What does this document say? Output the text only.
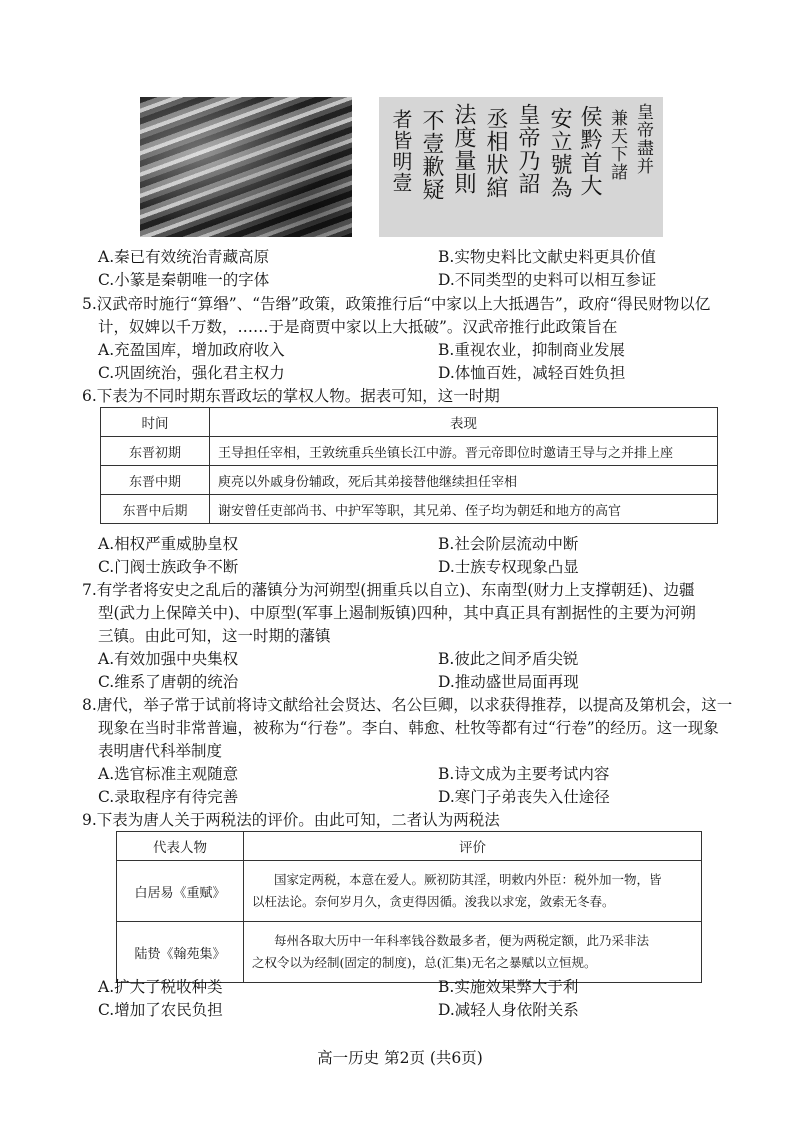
皇帝盡并
兼天下諸
侯黔首大
安立號為
皇帝乃詔
丞相狀綰
法度量則
不壹歉疑
者皆明壹
A.秦已有效统治青藏高原	B.实物史料比文献史料更具价值
C.小篆是秦朝唯一的字体	D.不同类型的史料可以相互参证
5.汉武帝时施行“算缗”、“告缗”政策，政策推行后“中家以上大抵遇告”，政府“得民财物以亿
计，奴婢以千万数，……于是商贾中家以上大抵破”。汉武帝推行此政策旨在
A.充盈国库，增加政府收入	B.重视农业，抑制商业发展
C.巩固统治，强化君主权力	D.体恤百姓，减轻百姓负担
6.下表为不同时期东晋政坛的掌权人物。据表可知，这一时期
时间	表现
东晋初期	王导担任宰相，王敦统重兵坐镇长江中游。晋元帝即位时邀请王导与之并排上座
东晋中期	庾亮以外戚身份辅政，死后其弟接替他继续担任宰相
东晋中后期	谢安曾任吏部尚书、中护军等职，其兄弟、侄子均为朝廷和地方的高官
A.相权严重威胁皇权	B.社会阶层流动中断
C.门阀士族政争不断	D.士族专权现象凸显
7.有学者将安史之乱后的藩镇分为河朔型(拥重兵以自立)、东南型(财力上支撑朝廷)、边疆
型(武力上保障关中)、中原型(军事上遏制叛镇)四种，其中真正具有割据性的主要为河朔
三镇。由此可知，这一时期的藩镇
A.有效加强中央集权	B.彼此之间矛盾尖锐
C.维系了唐朝的统治	D.推动盛世局面再现
8.唐代，举子常于试前将诗文献给社会贤达、名公巨卿，以求获得推荐，以提高及第机会，这一
现象在当时非常普遍，被称为“行卷”。李白、韩愈、杜牧等都有过“行卷”的经历。这一现象
表明唐代科举制度
A.选官标准主观随意	B.诗文成为主要考试内容
C.录取程序有待完善	D.寒门子弟丧失入仕途径
9.下表为唐人关于两税法的评价。由此可知，二者认为两税法
代表人物	评价
白居易《重赋》	国家定两税，本意在爱人。厥初防其淫，明敕内外臣：税外加一物，皆
以枉法论。奈何岁月久，贪吏得因循。浚我以求宠，敛索无冬春。

陆贽《翰苑集》	每州各取大历中一年科率钱谷数最多者，便为两税定额，此乃采非法
之权令以为经制(固定的制度)，总(汇集)无名之暴赋以立恒规。
A.扩大了税收种类	B.实施效果弊大于利
C.增加了农民负担	D.减轻人身依附关系
高一历史 第2页 (共6页)
